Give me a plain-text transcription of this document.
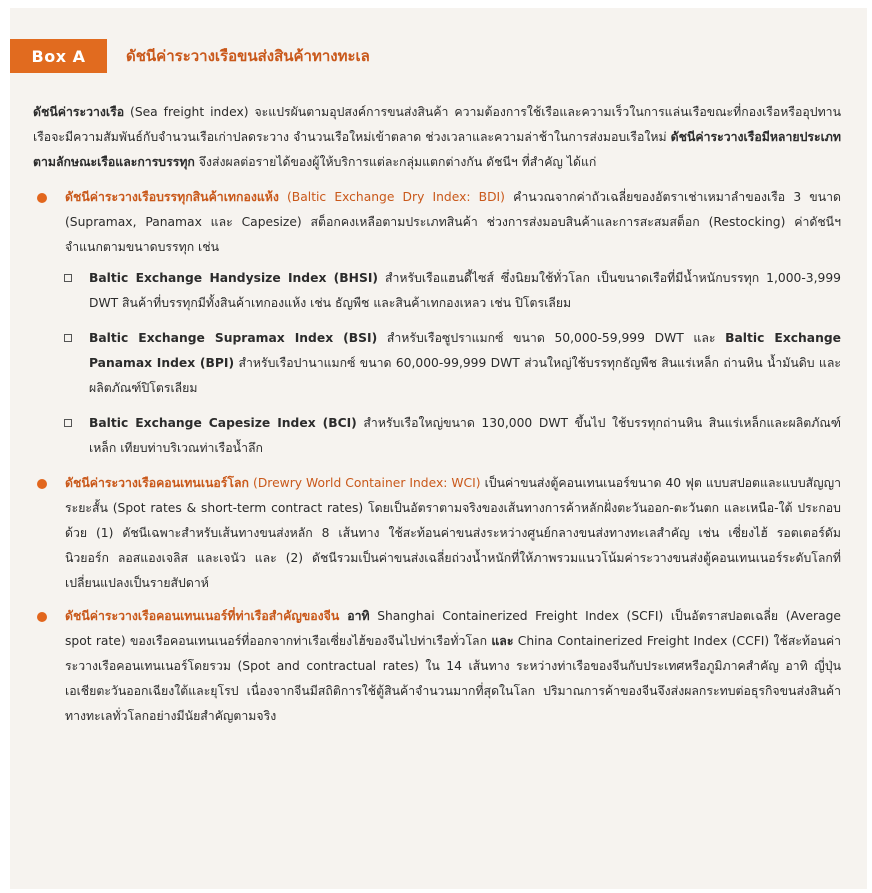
Box A	ดัชนีค่าระวางเรือขนส่งสินค้าทางทะเล

ดัชนีค่าระวางเรือ (Sea freight index) จะแปรผันตามอุปสงค์การขนส่งสินค้า ความต้องการใช้เรือและความเร็วในการแล่นเรือขณะที่กองเรือหรืออุปทานเรือจะมีความสัมพันธ์กับจำนวนเรือเก่าปลดระวาง จำนวนเรือใหม่เข้าตลาด ช่วงเวลาและความล่าช้าในการส่งมอบเรือใหม่ ดัชนีค่าระวางเรือมีหลายประเภทตามลักษณะเรือและการบรรทุก จึงส่งผลต่อรายได้ของผู้ให้บริการแต่ละกลุ่มแตกต่างกัน ดัชนีฯ ที่สำคัญ ได้แก่

ดัชนีค่าระวางเรือบรรทุกสินค้าเทกองแห้ง (Baltic Exchange Dry Index: BDI) คำนวณจากค่าถัวเฉลี่ยของอัตราเช่าเหมาลำของเรือ 3 ขนาด (Supramax, Panamax และ Capesize) สต็อกคงเหลือตามประเภทสินค้า ช่วงการส่งมอบสินค้าและการสะสมสต็อก (Restocking) ค่าดัชนีฯ จำแนกตามขนาดบรรทุก เช่น
Baltic Exchange Handysize Index (BHSI) สำหรับเรือแฮนดี้ไซส์ ซึ่งนิยมใช้ทั่วโลก เป็นขนาดเรือที่มีน้ำหนักบรรทุก 1,000-3,999 DWT สินค้าที่บรรทุกมีทั้งสินค้าเทกองแห้ง เช่น ธัญพืช และสินค้าเทกองเหลว เช่น ปิโตรเลียม
Baltic Exchange Supramax Index (BSI) สำหรับเรือซูปราแมกซ์ ขนาด 50,000-59,999 DWT และ Baltic Exchange Panamax Index (BPI) สำหรับเรือปานาแมกซ์ ขนาด 60,000-99,999 DWT ส่วนใหญ่ใช้บรรทุกธัญพืช สินแร่เหล็ก ถ่านหิน น้ำมันดิบ และผลิตภัณฑ์ปิโตรเลียม
Baltic Exchange Capesize Index (BCI) สำหรับเรือใหญ่ขนาด 130,000 DWT ขึ้นไป ใช้บรรทุกถ่านหิน สินแร่เหล็กและผลิตภัณฑ์เหล็ก เทียบท่าบริเวณท่าเรือน้ำลึก
ดัชนีค่าระวางเรือคอนเทนเนอร์โลก (Drewry World Container Index: WCI) เป็นค่าขนส่งตู้คอนเทนเนอร์ขนาด 40 ฟุต แบบสปอตและแบบสัญญาระยะสั้น (Spot rates & short-term contract rates) โดยเป็นอัตราตามจริงของเส้นทางการค้าหลักฝั่งตะวันออก-ตะวันตก และเหนือ-ใต้ ประกอบด้วย (1) ดัชนีเฉพาะสำหรับเส้นทางขนส่งหลัก 8 เส้นทาง ใช้สะท้อนค่าขนส่งระหว่างศูนย์กลางขนส่งทางทะเลสำคัญ เช่น เซี่ยงไฮ้ รอตเตอร์ดัม นิวยอร์ก ลอสแองเจลิส และเจนัว และ (2) ดัชนีรวมเป็นค่าขนส่งเฉลี่ยถ่วงน้ำหนักที่ให้ภาพรวมแนวโน้มค่าระวางขนส่งตู้คอนเทนเนอร์ระดับโลกที่เปลี่ยนแปลงเป็นรายสัปดาห์
ดัชนีค่าระวางเรือคอนเทนเนอร์ที่ท่าเรือสำคัญของจีน อาทิ Shanghai Containerized Freight Index (SCFI) เป็นอัตราสปอตเฉลี่ย (Average spot rate) ของเรือคอนเทนเนอร์ที่ออกจากท่าเรือเซี่ยงไฮ้ของจีนไปท่าเรือทั่วโลก และ China Containerized Freight Index (CCFI) ใช้สะท้อนค่าระวางเรือคอนเทนเนอร์โดยรวม (Spot and contractual rates) ใน 14 เส้นทาง ระหว่างท่าเรือของจีนกับประเทศหรือภูมิภาคสำคัญ อาทิ ญี่ปุ่น เอเชียตะวันออกเฉียงใต้และยุโรป เนื่องจากจีนมีสถิติการใช้ตู้สินค้าจำนวนมากที่สุดในโลก ปริมาณการค้าของจีนจึงส่งผลกระทบต่อธุรกิจขนส่งสินค้าทางทะเลทั่วโลกอย่างมีนัยสำคัญตามจริง
